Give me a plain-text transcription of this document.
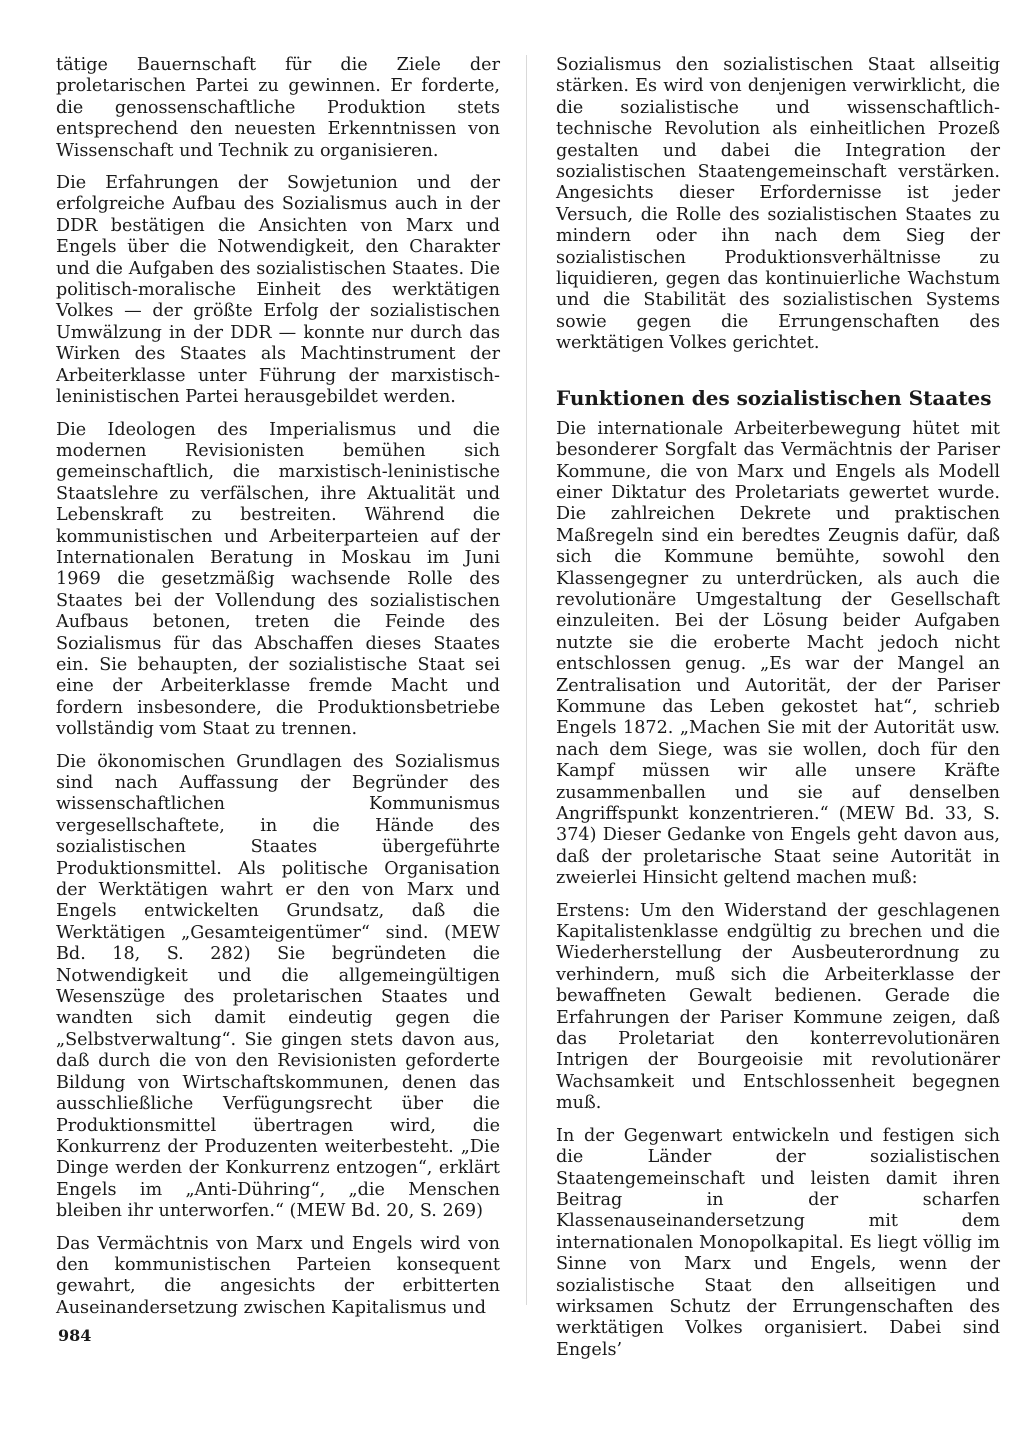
tätige Bauernschaft für die Ziele der proletarischen Partei zu gewinnen. Er forderte, die genossenschaftliche Produktion stets entsprechend den neuesten Erkenntnissen von Wissenschaft und Technik zu organisieren.

Die Erfahrungen der Sowjetunion und der erfolgreiche Aufbau des Sozialismus auch in der DDR bestätigen die Ansichten von Marx und Engels über die Notwendigkeit, den Charakter und die Aufgaben des sozialistischen Staates. Die politisch-moralische Einheit des werktätigen Volkes — der größte Erfolg der sozialistischen Umwälzung in der DDR — konnte nur durch das Wirken des Staates als Machtinstrument der Arbeiterklasse unter Führung der marxistisch-leninistischen Partei herausgebildet werden.

Die Ideologen des Imperialismus und die modernen Revisionisten bemühen sich gemeinschaftlich, die marxistisch-leninistische Staatslehre zu verfälschen, ihre Aktualität und Lebenskraft zu bestreiten. Während die kommunistischen und Arbeiterparteien auf der Internationalen Beratung in Moskau im Juni 1969 die gesetzmäßig wachsende Rolle des Staates bei der Vollendung des sozialistischen Aufbaus betonen, treten die Feinde des Sozialismus für das Abschaffen dieses Staates ein. Sie behaupten, der sozialistische Staat sei eine der Arbeiterklasse fremde Macht und fordern insbesondere, die Produktionsbetriebe vollständig vom Staat zu trennen.

Die ökonomischen Grundlagen des Sozialismus sind nach Auffassung der Begründer des wissenschaftlichen Kommunismus vergesellschaftete, in die Hände des sozialistischen Staates übergeführte Produktionsmittel. Als politische Organisation der Werktätigen wahrt er den von Marx und Engels entwickelten Grundsatz, daß die Werktätigen „Gesamteigentümer“ sind. (MEW Bd. 18, S. 282) Sie begründeten die Notwendigkeit und die allgemeingültigen Wesenszüge des proletarischen Staates und wandten sich damit eindeutig gegen die „Selbstverwaltung“. Sie gingen stets davon aus, daß durch die von den Revisionisten geforderte Bildung von Wirtschaftskommunen, denen das ausschließliche Verfügungsrecht über die Produktionsmittel übertragen wird, die Konkurrenz der Produzenten weiterbesteht. „Die Dinge werden der Konkurrenz entzogen“, erklärt Engels im „Anti-Dühring“, „die Menschen bleiben ihr unterworfen.“ (MEW Bd. 20, S. 269)

Das Vermächtnis von Marx und Engels wird von den kommunistischen Parteien konsequent gewahrt, die angesichts der erbitterten Auseinandersetzung zwischen Kapitalismus und

Sozialismus den sozialistischen Staat allseitig stärken. Es wird von denjenigen verwirklicht, die die sozialistische und wissenschaftlich-technische Revolution als einheitlichen Prozeß gestalten und dabei die Integration der sozialistischen Staatengemeinschaft verstärken. Angesichts dieser Erfordernisse ist jeder Versuch, die Rolle des sozialistischen Staates zu mindern oder ihn nach dem Sieg der sozialistischen Produktionsverhältnisse zu liquidieren, gegen das kontinuierliche Wachstum und die Stabilität des sozialistischen Systems sowie gegen die Errungenschaften des werktätigen Volkes gerichtet.

Funktionen des sozialistischen Staates

Die internationale Arbeiterbewegung hütet mit besonderer Sorgfalt das Vermächtnis der Pariser Kommune, die von Marx und Engels als Modell einer Diktatur des Proletariats gewertet wurde. Die zahlreichen Dekrete und praktischen Maßregeln sind ein beredtes Zeugnis dafür, daß sich die Kommune bemühte, sowohl den Klassengegner zu unterdrücken, als auch die revolutionäre Umgestaltung der Gesellschaft einzuleiten. Bei der Lösung beider Aufgaben nutzte sie die eroberte Macht jedoch nicht entschlossen genug. „Es war der Mangel an Zentralisation und Autorität, der der Pariser Kommune das Leben gekostet hat“, schrieb Engels 1872. „Machen Sie mit der Autorität usw. nach dem Siege, was sie wollen, doch für den Kampf müssen wir alle unsere Kräfte zusammenballen und sie auf denselben Angriffspunkt konzentrieren.“ (MEW Bd. 33, S. 374) Dieser Gedanke von Engels geht davon aus, daß der proletarische Staat seine Autorität in zweierlei Hinsicht geltend machen muß:

Erstens: Um den Widerstand der geschlagenen Kapitalistenklasse endgültig zu brechen und die Wiederherstellung der Ausbeuterordnung zu verhindern, muß sich die Arbeiterklasse der bewaffneten Gewalt bedienen. Gerade die Erfahrungen der Pariser Kommune zeigen, daß das Proletariat den konterrevolutionären Intrigen der Bourgeoisie mit revolutionärer Wachsamkeit und Entschlossenheit begegnen muß.

In der Gegenwart entwickeln und festigen sich die Länder der sozialistischen Staatengemeinschaft und leisten damit ihren Beitrag in der scharfen Klassenauseinandersetzung mit dem internationalen Monopolkapital. Es liegt völlig im Sinne von Marx und Engels, wenn der sozialistische Staat den allseitigen und wirksamen Schutz der Errungenschaften des werktätigen Volkes organisiert. Dabei sind Engels’

984
